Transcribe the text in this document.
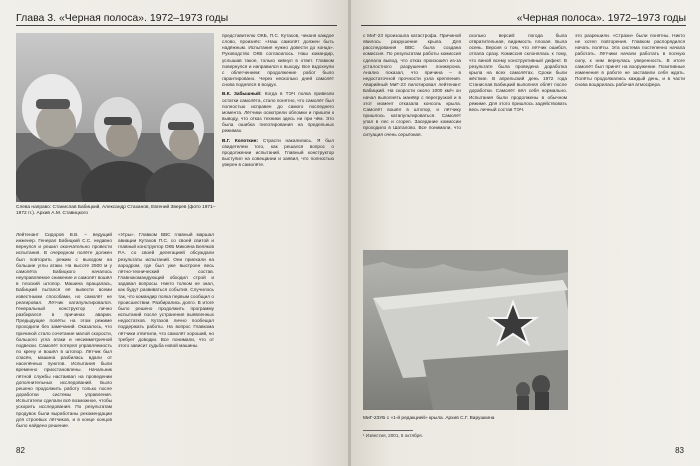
Глава 3. «Черная полоса». 1972–1973 годы
Слева направо: Станислав Бабицкий, Александр Стаханов, Евгений Зверев (фото 1971–1972 гг.). Архив А.М. Ставицкого

Лейтенант Сидоров В.В. – ведущий инженер. Генерал Бабицкий С.С. недавно вернулся и решил окончательно провести испытания. В очередном полёте должен был повторить режим с выходом на большие углы атаки. На высоте 2500 м у самолёта Бабицкого началось неуправляемое снижение и самолёт вошёл в плоский штопор. Машина вращалась, Бабицкий пытался её вывести всеми известными способами, но самолёт не реагировал. Лётчик катапультировался. Генеральный конструктор лично разбирался в причинах аварии. Предыдущие полёты на этом режиме проходили без замечаний. Оказалось, что причиной стало сочетание малой скорости, большого угла атаки и несимметричной подвески. Самолёт потерял управляемость по крену и вошёл в штопор. Лётчик был спасён, машина разбилась вдали от населённых пунктов. Испытания были временно приостановлены. Начальник лётной службы настаивал на проведении дополнительных исследований. Было решено продолжить работу только после доработки системы управления. Испытатели сделали всё возможное, чтобы ускорить исследования. По результатам продувок были выработаны рекомендации для строевых лётчиков, и в конце концов было найдено решение.

«Угры». Главком ВВС главный маршал авиации Кутахов П.С. со своей свитой и главный конструктор ОКБ Микояна Беляков Р.А. со своей делегацией обсуждали результаты испытаний. Они приехали на аэродром, где был уже выстроен весь лётно-технический состав. Главнокомандующий обходил строй и задавал вопросы. Никто толком не знал, как будут развиваться события. Случилось так, что командир полка первым сообщил о происшествии. Разбирались долго. В итоге было решено продолжить программу испытаний после устранения выявленных недостатков. Кутахов лично пообещал поддержать работы. На вопрос Главкома лётчики ответили, что самолёт хороший, но требует доводки. Все понимали, что от этого зависит судьба новой машины.

представителю ОКБ, П.С. Кутахов, чеканя каждое слово, произнёс: «Наш самолёт должен быть надёжным. Испытания нужно довести до конца». Руководство ОКБ согласилось. Наш командир, услышав такое, только кивнул в ответ. Главком повернулся и направился к выходу. Все вздохнули с облегчением: продолжение работ было гарантировано. Через несколько дней самолёт снова поднялся в воздух.

В.К. Забышный: Когда в ТЭЧ полка привезли остатки самолёта, стало понятно, что самолёт был полностью исправен до самого последнего момента. Лётчики осмотрели обломки и пришли к выводу, что отказ техники здесь ни при чём. Это была ошибка пилотирования на предельных режимах.

В.Г. Колоткин: Страсти накалились. Я был свидетелем того, как решался вопрос о продолжении испытаний. Главный конструктор выступил на совещании и заявил, что полностью уверен в самолёте.

82
«Черная полоса». 1972–1973 годы

с МиГ-23 произошла катастрофа. Причиной явилось разрушение крыла. Для расследования ВВС была создана комиссия. По результатам работы комиссия сделала вывод, что отказ произошёл из-за усталостного разрушения лонжерона. Анализ показал, что причина – в недостаточной прочности узла крепления. Аварийный МиГ-23 пилотировал лейтенант Бабицкий. На скорости около 1000 км/ч он начал выполнять манёвр с перегрузкой и в этот момент отказала консоль крыла. Самолёт вошёл в штопор, и лётчику пришлось катапультироваться. Самолёт упал в лес и сгорел. Заседание комиссии проходило в Шаталово. Все понимали, что ситуация очень серьёзная.

сколько версий: погода была отвратительная, видимость плохая. Была осень. Версия о том, что лётчик ошибся, отпала сразу. Комиссия склонялась к тому, что виной всему конструктивный дефект. В результате была проведена доработка крыла на всех самолётах. Сроки были жёсткие. В апрельский день 1972 года Станислав Бабицкий выполнял облёт после доработки. Самолёт вёл себя нормально. Испытания были продолжены в обычном режиме. Для этого пришлось задействовать весь личный состав ТЭЧ.

это разрешили. «Страхи» были понятны. Никто не хотел повторения. Главком распорядился начать полёты. Эта система постепенно начала работать. Лётчики начали работать в полную силу, к ним вернулась уверенность. В итоге самолёт был принят на вооружение. Позитивные изменения в работе не заставили себя ждать. Полёты продолжались каждый день, и в части снова воцарилась рабочая атмосфера.

МиГ-23УБ с «1-й редакцией» крыла. Архив С.Г. Варушкина
¹ Известия, 2001, 5 октября.
83
